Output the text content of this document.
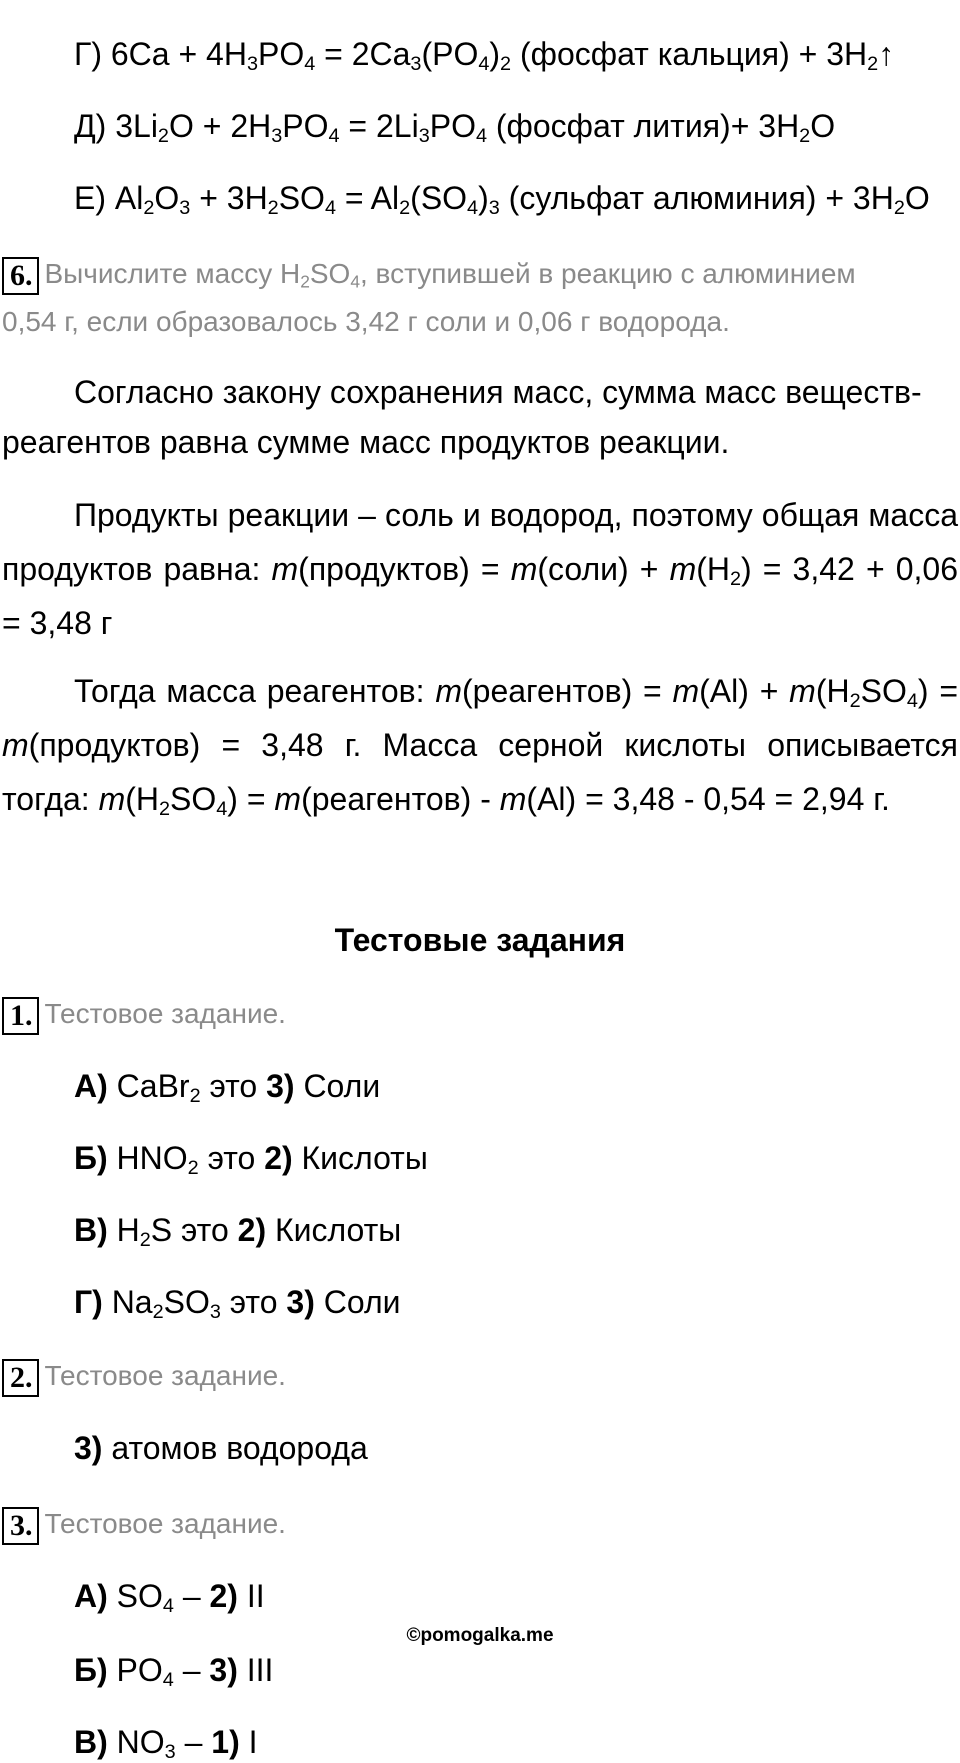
Г) $6Ca + 4H_3PO_4 = 2Ca_3(PO_4)_2$ (фосфат кальция) + $3H_2↑$
Д) $3Li_2O + 2H_3PO_4 = 2Li_3PO_4$ (фосфат лития)+ $3H_2O$
Е) $Al_2O_3 + 3H_2SO_4 = Al_2(SO_4)_3$ (сульфат алюминия) + $3H_2O$
6. Вычислите массу $H_2SO_4$, вступившей в реакцию с алюминием
0,54 г, если образовалось 3,42 г соли и 0,06 г водорода.
Согласно закону сохранения масс, сумма масс веществ-
реагентов равна сумме масс продуктов реакции.
Продукты реакции – соль и водород, поэтому общая масса продуктов равна: m(продуктов) = m(соли) + $m(H_2) = 3,42 + 0,06 = 3,48$ г
Тогда масса реагентов: m(реагентов) = $m(Al) + m(H_2SO_4)$ = m(продуктов) = 3,48 г. Масса серной кислоты описывается тогда: $m(H_2SO_4)$ = m(реагентов) - m(Al) = 3,48 - 0,54 = 2,94 г.
Тестовые задания
1. Тестовое задание.
А) CaBr$_2$ это 3) Соли
Б) $HNO_2$ это 2) Кислоты
В) $H_2S$ это 2) Кислоты
Г) $Na_2SO_3$ это 3) Соли
2. Тестовое задание.
3) атомов водорода
3. Тестовое задание.
А) $SO_4 - 2$) II
©pomogalka.me
Б) $PO_4 - 3$) III
В) $NO_3 - 1$) I
